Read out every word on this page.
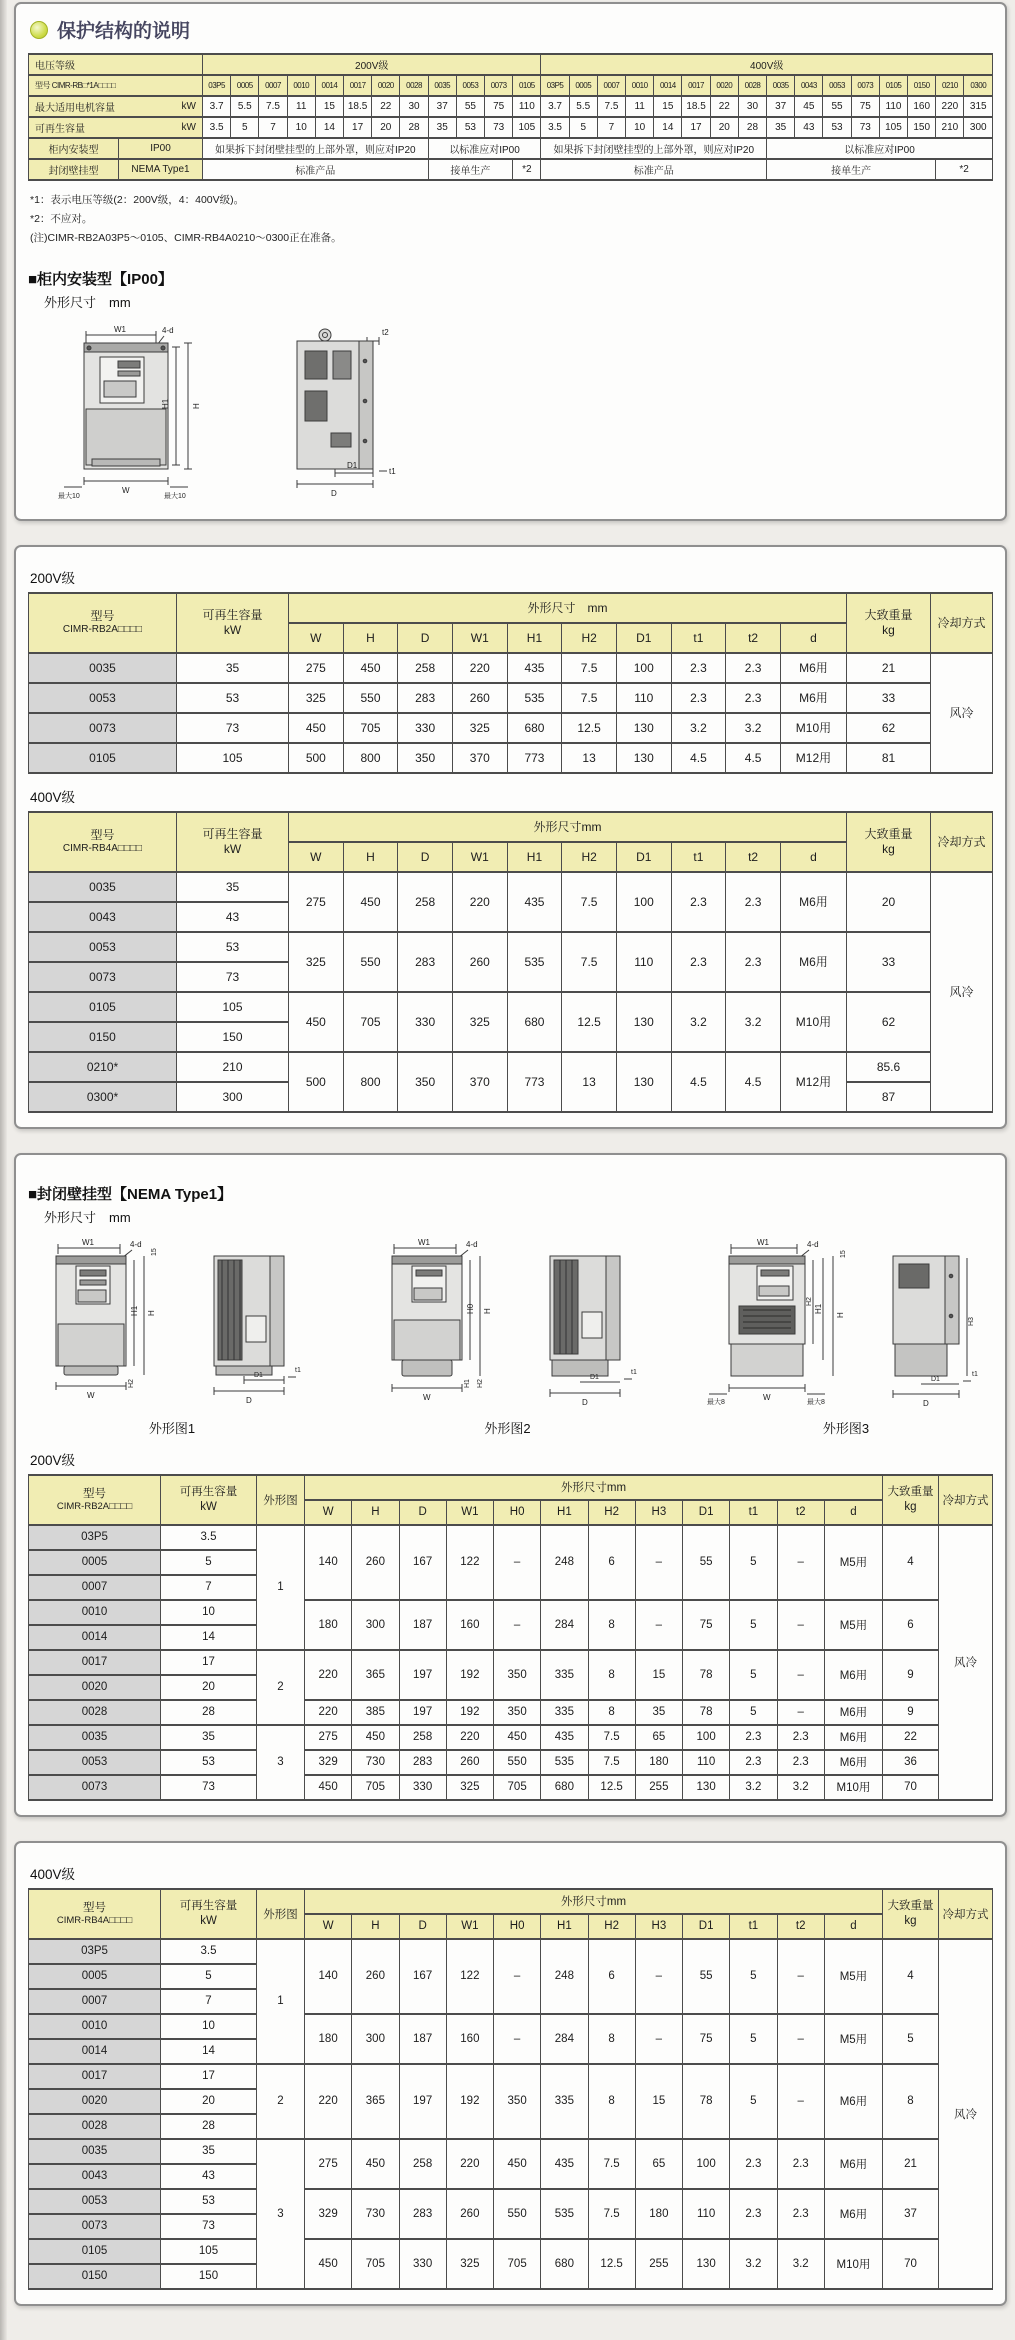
保护结构的说明
电压等级		200V级												400V级															
型号 CIMR-RB□*1A□□□□		03P5	0005	0007	0010	0014	0017	0020	0028	0035	0053	0073	0105	03P5	0005	0007	0010	0014	0017	0020	0028	0035	0043	0053	0073	0105	0150	0210	0300

最大适用电机容量 kW		3.7	5.5	7.5	11	15	18.5	22	30	37	55	75	110	3.7	5.5	7.5	11	15	18.5	22	30	37	45	55	75	110	160	220	315

可再生容量 kW		3.5	5	7	10	14	17	20	28	35	53	73	105	3.5	5	7	10	14	17	20	28	35	43	53	73	105	150	210	300
柜内安装型	IP00	如果拆下封闭壁挂型的上部外罩，则应对IP20								以标准应对IP00				如果拆下封闭壁挂型的上部外罩，则应对IP20								以标准应对IP00							
封闭壁挂型	NEMA Type1	标准产品								接单生产			*2	标准产品								接单生产						*2	
*1：表示电压等级(2：200V级，4：400V级)。
*2：不应对。
(注)CIMR-RB2A03P5～0105、CIMR-RB4A0210～0300正在准备。
■柜内安装型【IP00】
外形尺寸　mm
W1	4-d
H1	H
W
最大10	最大10
t2
D1
t1
D
200V级
型号
CIMR-RB2A□□□□

可再生容量
kW
	外形尺寸　mm	大致重量
kg	冷却方式
		W	H	D	W1	H1	H2	D1	t1	t2	d		
0035	35	275	450	258	220	435	7.5	100	2.3	2.3	M6用	21	风冷
0053	53	325	550	283	260	535	7.5	110	2.3	2.3	M6用	33	
0073	73	450	705	330	325	680	12.5	130	3.2	3.2	M10用	62	
0105	105	500	800	350	370	773	13	130	4.5	4.5	M12用	81	
400V级
型号
CIMR-RB4A□□□□

可再生容量
kW
	外形尺寸mm	大致重量
kg	冷却方式
		W	H	D	W1	H1	H2	D1	t1	t2	d		
0035	35	275	450	258	220	435	7.5	100	2.3	2.3	M6用	20	风冷
0043	43												
0053	53	325	550	283	260	535	7.5	110	2.3	2.3	M6用	33	
0073	73												
0105	105	450	705	330	325	680	12.5	130	3.2	3.2	M10用	62	
0150	150												
0210*	210	500	800	350	370	773	13	130	4.5	4.5	M12用	85.6	
0300*	300											87	
■封闭壁挂型【NEMA Type1】
外形尺寸　mm
W1	4-d
15
H1 H
W
H2
D1
t1
D
外形图1
W1	4-d
H0 H
W
H1 H2
D1
t1
D
外形图2
W1	4-d
15
H2
H1
H
最大8
W
最大8
H3
D1
t1
D
外形图3
200V级
型号
CIMR-RB2A□□□□

可再生容量
kW	外形图	外形尺寸mm	大致重量
kg	冷却方式
			W	H	D	W1	H0	H1	H2	H3	D1	t1	t2	d		
03P5	3.5	1	140	260	167	122	–	248	6	–	55	5	–	M5用	4	风冷
0005	5															
0007	7															
0010	10		180	300	187	160	–	284	8	–	75	5	–	M5用	6	
0014	14															
0017	17	2	220	365	197	192	350	335	8	15	78	5	–	M6用	9	
0020	20															
0028	28		220	385	197	192	350	335	8	35	78	5	–	M6用	9	
0035	35	3	275	450	258	220	450	435	7.5	65	100	2.3	2.3	M6用	22	
0053	53		329	730	283	260	550	535	7.5	180	110	2.3	2.3	M6用	36	
0073	73		450	705	330	325	705	680	12.5	255	130	3.2	3.2	M10用	70	
400V级
型号
CIMR-RB4A□□□□

可再生容量
kW	外形图	外形尺寸mm	大致重量
kg	冷却方式
			W	H	D	W1	H0	H1	H2	H3	D1	t1	t2	d		
03P5	3.5	1	140	260	167	122	–	248	6	–	55	5	–	M5用	4	风冷
0005	5															
0007	7															
0010	10		180	300	187	160	–	284	8	–	75	5	–	M5用	5	
0014	14															
0017	17	2	220	365	197	192	350	335	8	15	78	5	–	M6用	8	
0020	20															
0028	28															
0035	35	3	275	450	258	220	450	435	7.5	65	100	2.3	2.3	M6用	21	
0043	43															
0053	53		329	730	283	260	550	535	7.5	180	110	2.3	2.3	M6用	37	
0073	73															
0105	105		450	705	330	325	705	680	12.5	255	130	3.2	3.2	M10用	70	
0150	150															
